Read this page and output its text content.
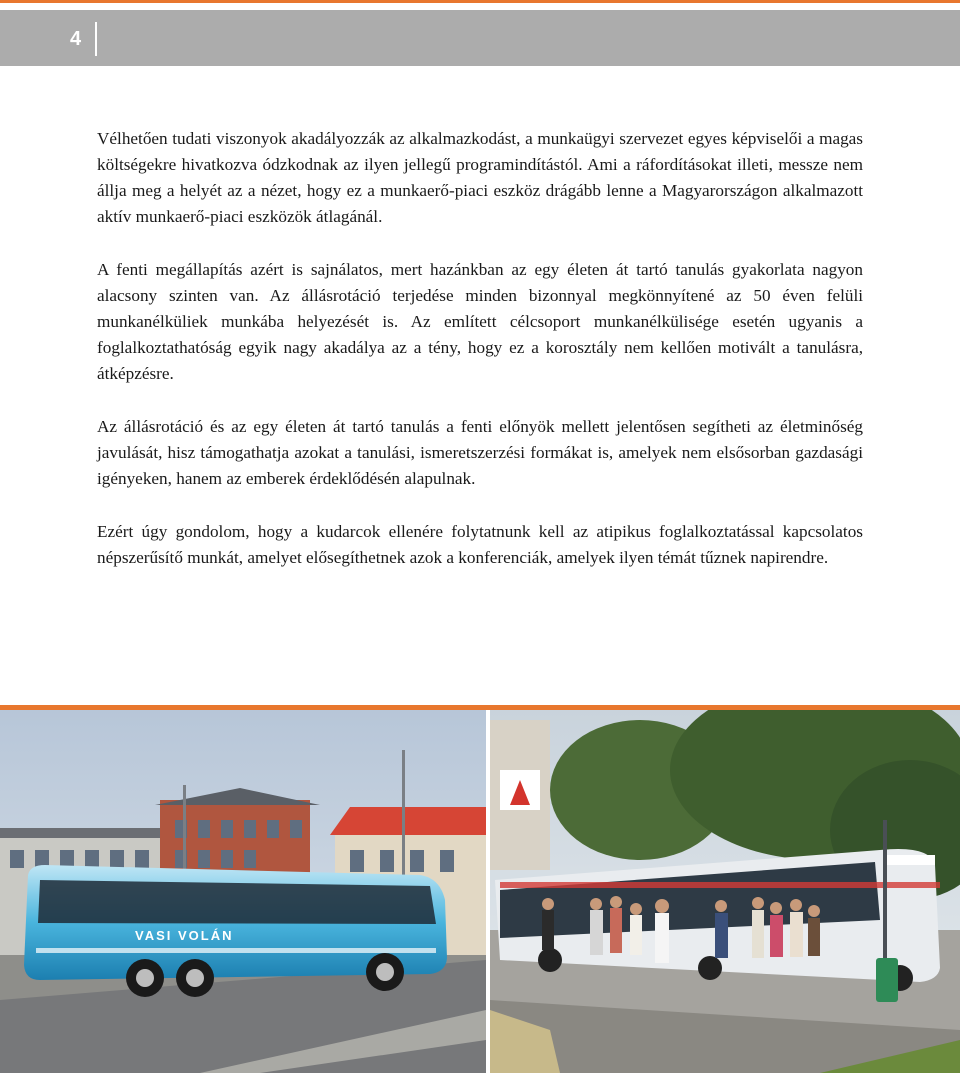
4

Vélhetően tudati viszonyok akadályozzák az alkalmazkodást, a munkaügyi szervezet egyes képviselői a magas költségekre hivatkozva ódzkodnak az ilyen jellegű programindítástól. Ami a ráfordításokat illeti, messze nem állja meg a helyét az a nézet, hogy ez a munkaerő-piaci eszköz drágább lenne a Magyarországon alkalmazott aktív munkaerő-piaci eszközök átlagánál.

A fenti megállapítás azért is sajnálatos, mert hazánkban az egy életen át tartó tanulás gyakorlata nagyon alacsony szinten van. Az állásrotáció terjedése minden bizonnyal megkönnyítené az 50 éven felüli munkanélküliek munkába helyezését is. Az említett célcsoport munkanélkülisége esetén ugyanis a foglalkoztathatóság egyik nagy akadálya az a tény, hogy ez a korosztály nem kellően motivált a tanulásra, átképzésre.

Az állásrotáció és az egy életen át tartó tanulás a fenti előnyök mellett jelentősen segítheti az életminőség javulását, hisz támogathatja azokat a tanulási, ismeretszerzési formákat is, amelyek nem elsősorban gazdasági igényeken, hanem az emberek érdeklődésén alapulnak.

Ezért úgy gondolom, hogy a kudarcok ellenére folytatnunk kell az atipikus foglalkoztatással kapcsolatos népszerűsítő munkát, amelyet elősegíthetnek azok a konferenciák, amelyek ilyen témát tűznek napirendre.

VASI VOLÁN
